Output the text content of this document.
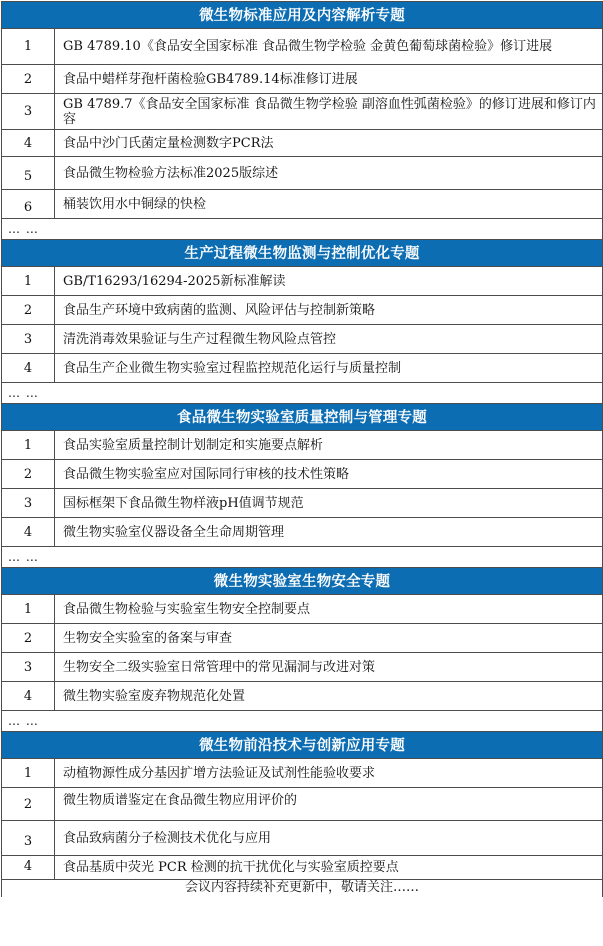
微生物标准应用及内容解析专题	
1	GB 4789.10《食品安全国家标准 食品微生物学检验 金黄色葡萄球菌检验》修订进展
2	食品中蜡样芽孢杆菌检验GB4789.14标准修订进展
3	GB 4789.7《食品安全国家标准 食品微生物学检验 副溶血性弧菌检验》的修订进展和修订内容
4	食品中沙门氏菌定量检测数字PCR法
5	食品微生物检验方法标准2025版综述
6	桶装饮用水中铜绿的快检
… …	
生产过程微生物监测与控制优化专题	
1	GB/T16293/16294-2025新标准解读
2	食品生产环境中致病菌的监测、风险评估与控制新策略
3	清洗消毒效果验证与生产过程微生物风险点管控
4	食品生产企业微生物实验室过程监控规范化运行与质量控制
… …	
食品微生物实验室质量控制与管理专题	
1	食品实验室质量控制计划制定和实施要点解析
2	食品微生物实验室应对国际同行审核的技术性策略
3	国标框架下食品微生物样液pH值调节规范
4	微生物实验室仪器设备全生命周期管理
… …	
微生物实验室生物安全专题	
1	食品微生物检验与实验室生物安全控制要点
2	生物安全实验室的备案与审查
3	生物安全二级实验室日常管理中的常见漏洞与改进对策
4	微生物实验室废弃物规范化处置
… …	
微生物前沿技术与创新应用专题	
1	动植物源性成分基因扩增方法验证及试剂性能验收要求
2	微生物质谱鉴定在食品微生物应用评价的
3	食品致病菌分子检测技术优化与应用
4	食品基质中荧光 PCR 检测的抗干扰优化与实验室质控要点
会议内容持续补充更新中，敬请关注……	
